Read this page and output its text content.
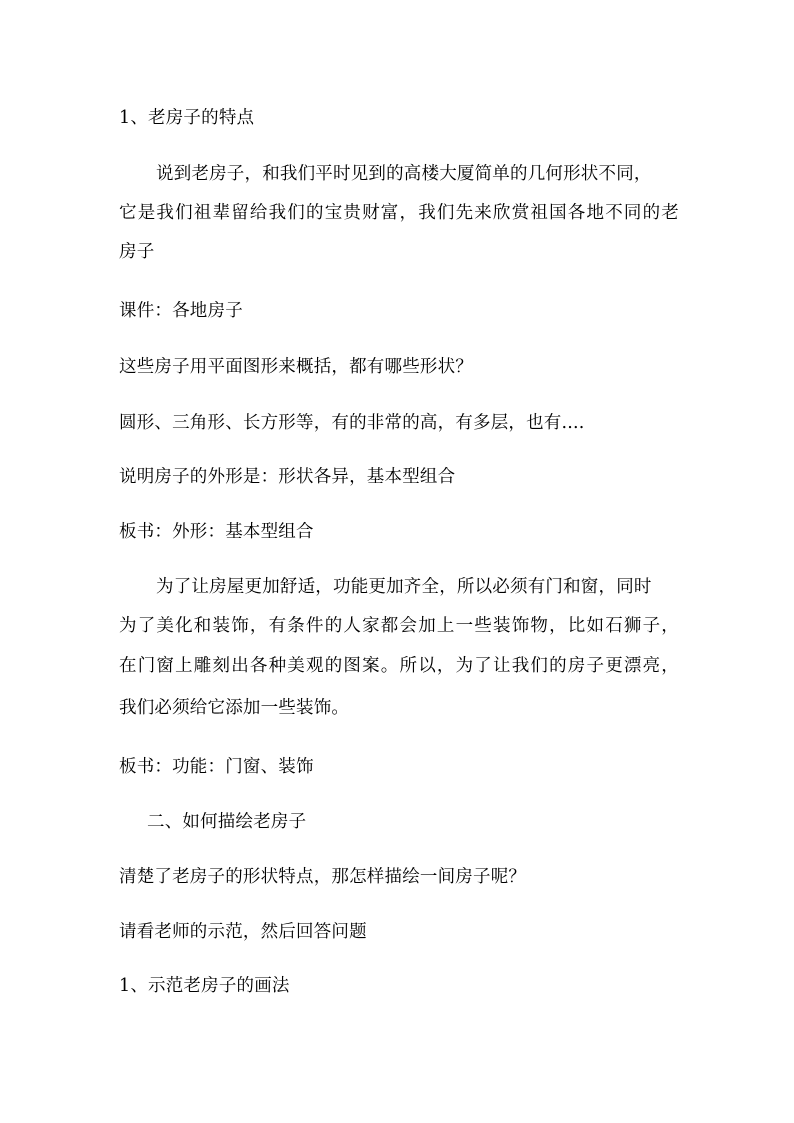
1、老房子的特点
说到老房子，和我们平时见到的高楼大厦简单的几何形状不同，
它是我们祖辈留给我们的宝贵财富，我们先来欣赏祖国各地不同的老
房子
课件：各地房子
这些房子用平面图形来概括，都有哪些形状？
圆形、三角形、长方形等，有的非常的高，有多层，也有....
说明房子的外形是：形状各异，基本型组合
板书：外形：基本型组合
为了让房屋更加舒适，功能更加齐全，所以必须有门和窗，同时
为了美化和装饰，有条件的人家都会加上一些装饰物，比如石狮子，
在门窗上雕刻出各种美观的图案。所以，为了让我们的房子更漂亮，
我们必须给它添加一些装饰。
板书：功能：门窗、装饰
二、如何描绘老房子
清楚了老房子的形状特点，那怎样描绘一间房子呢？
请看老师的示范，然后回答问题
1、示范老房子的画法
